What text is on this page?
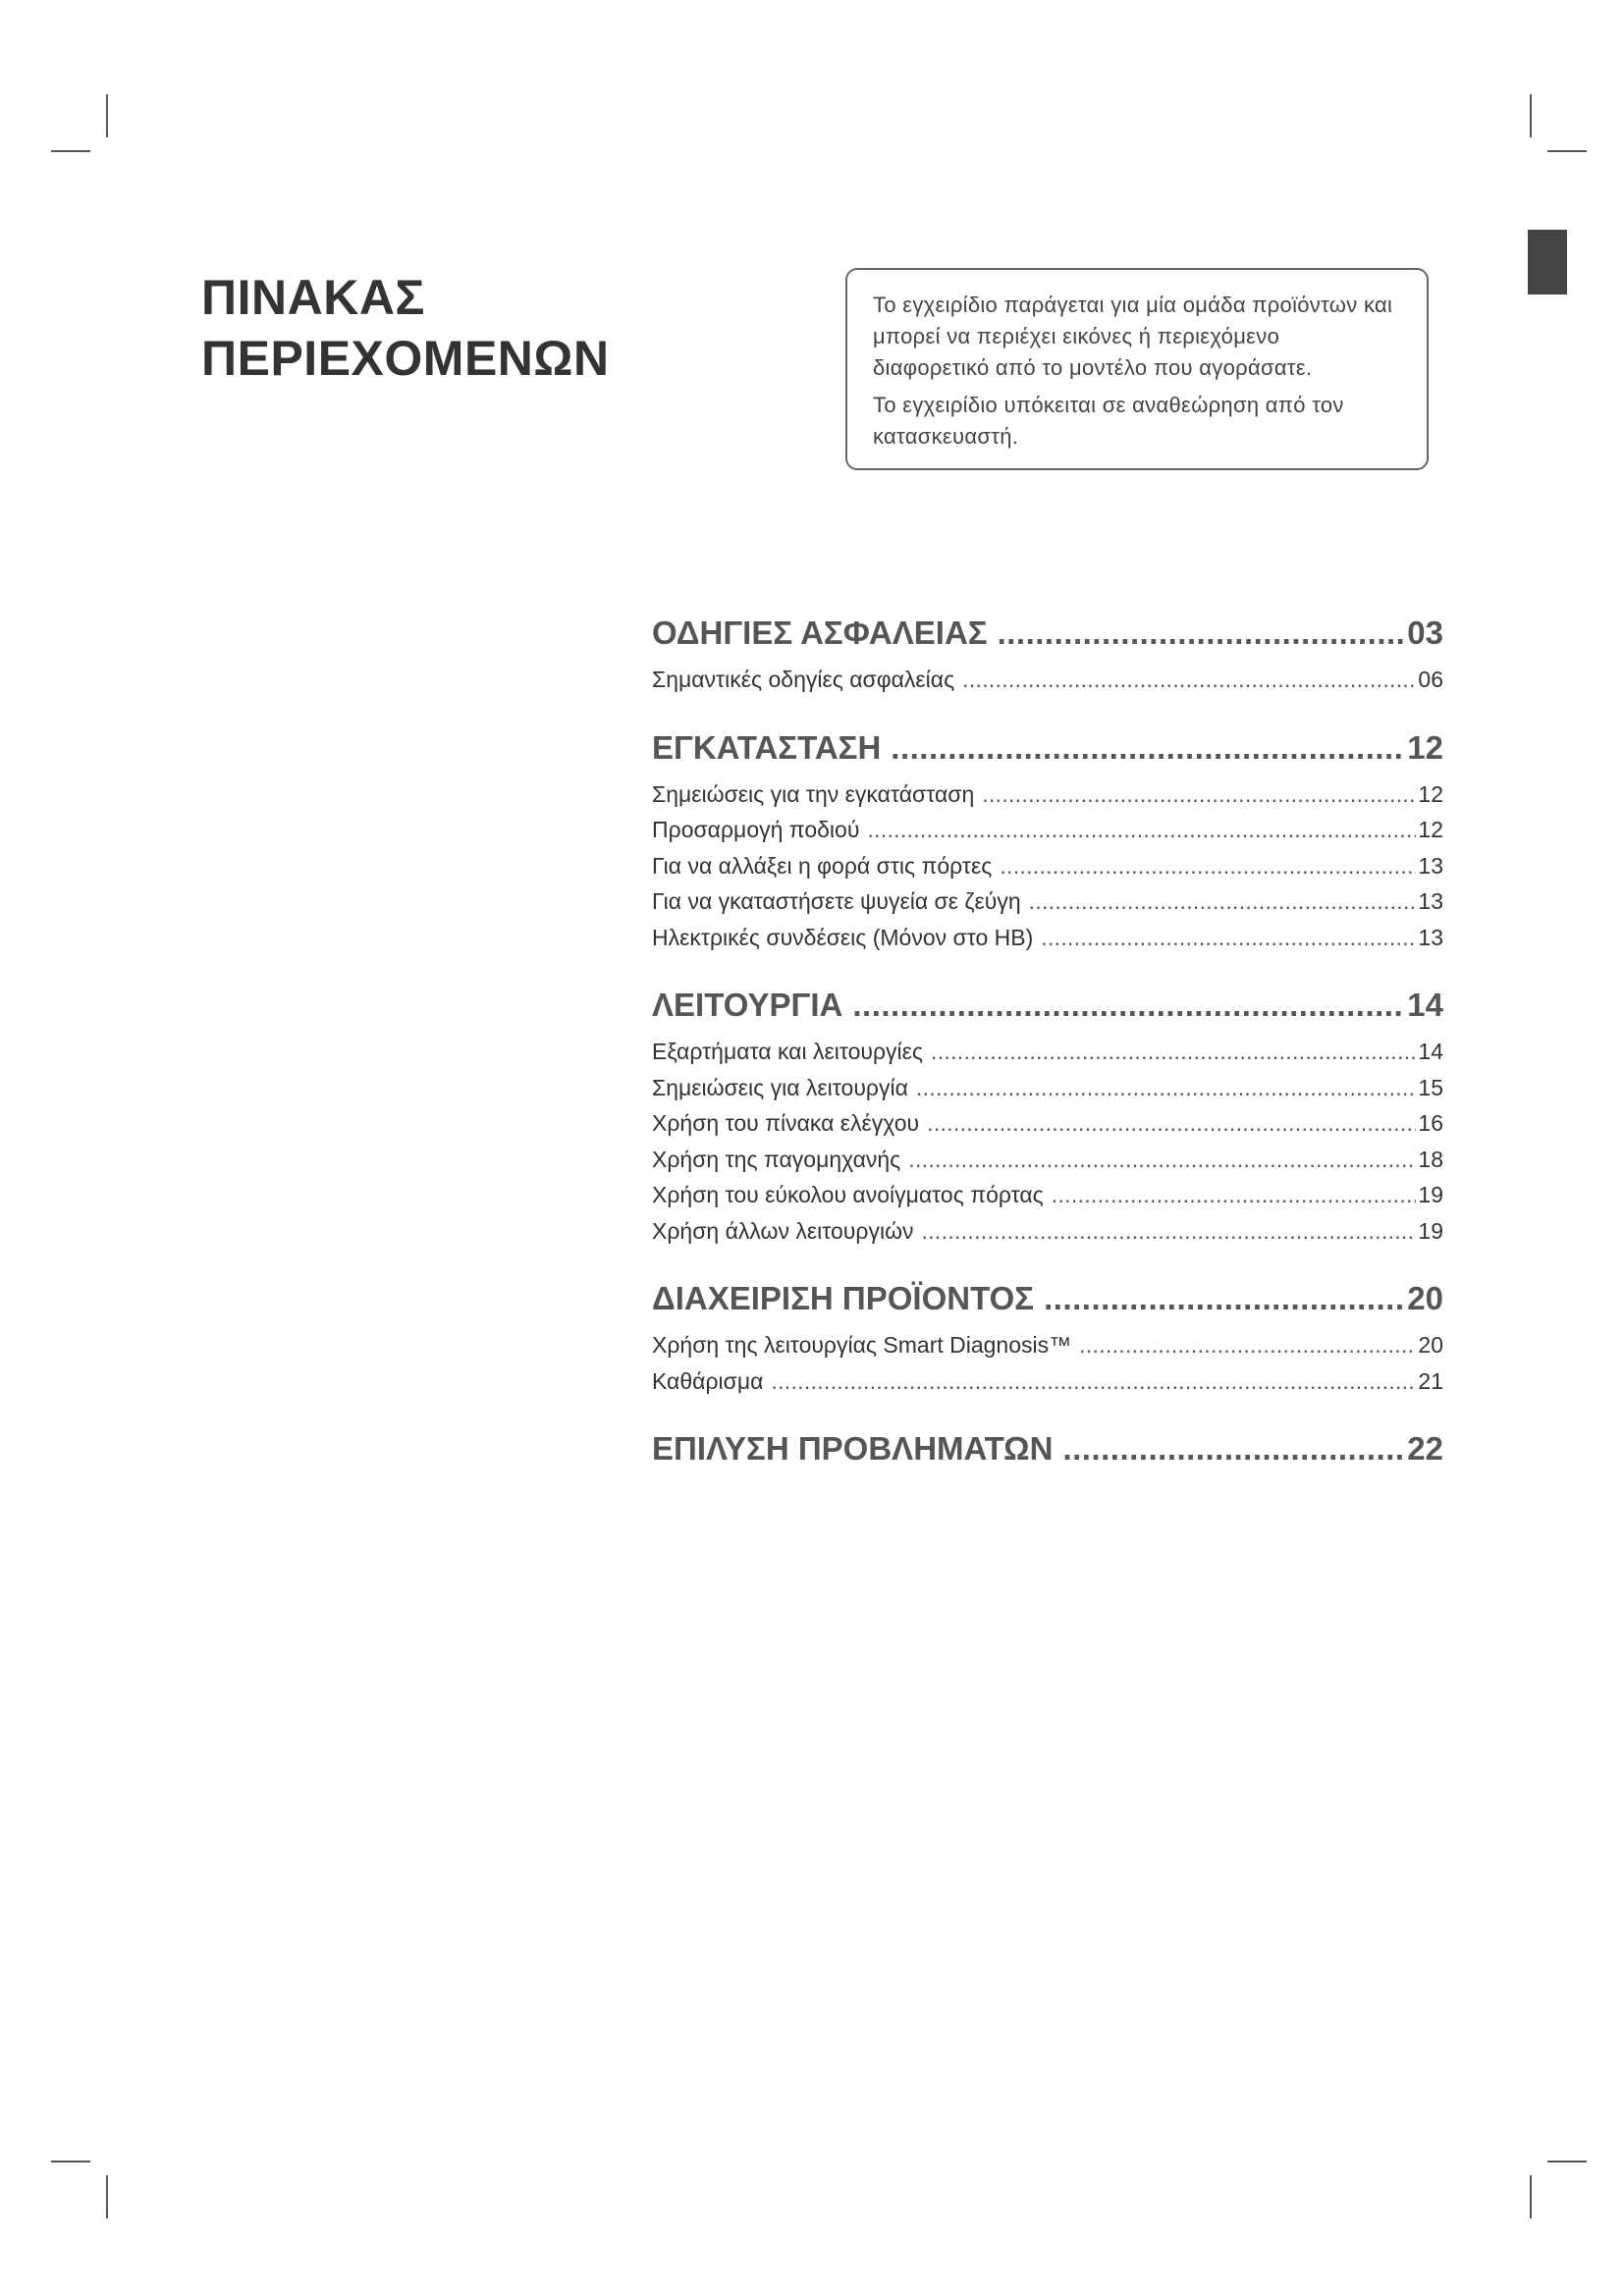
ΠΙΝΑΚΑΣ
ΠΕΡΙΕΧΟΜΕΝΩΝ

Το εγχειρίδιο παράγεται για μία ομάδα προϊόντων και μπορεί να περιέχει εικόνες ή περιεχόμενο διαφορετικό από το μοντέλο που αγοράσατε.

Το εγχειρίδιο υπόκειται σε αναθεώρηση από τον κατασκευαστή.

ΟΔΗΓΙΕΣ ΑΣΦΑΛΕΙΑΣ .....	03
Σημαντικές οδηγίες ασφαλείας .....	06
ΕΓΚΑΤΑΣΤΑΣΗ .....	12
Σημειώσεις για την εγκατάσταση .....	12
Προσαρμογή ποδιού .....	12
Για να αλλάξει η φορά στις πόρτες .....	13
Για να γκαταστήσετε ψυγεία σε ζεύγη .....	13
Ηλεκτρικές συνδέσεις (Μόνον στο HB) .....	13
ΛΕΙΤΟΥΡΓΙΑ .....	14
Εξαρτήματα και λειτουργίες .....	14
Σημειώσεις για λειτουργία .....	15
Χρήση του πίνακα ελέγχου .....	16
Χρήση της παγομηχανής .....	18
Χρήση του εύκολου ανοίγματος πόρτας .....	19
Χρήση άλλων λειτουργιών .....	19
ΔΙΑΧΕΙΡΙΣΗ ΠΡΟΪΟΝΤΟΣ .....	20
Χρήση της λειτουργίας Smart Diagnosis™ .....	20
Καθάρισμα .....	21
ΕΠΙΛΥΣΗ ΠΡΟΒΛΗΜΑΤΩΝ .....	22
